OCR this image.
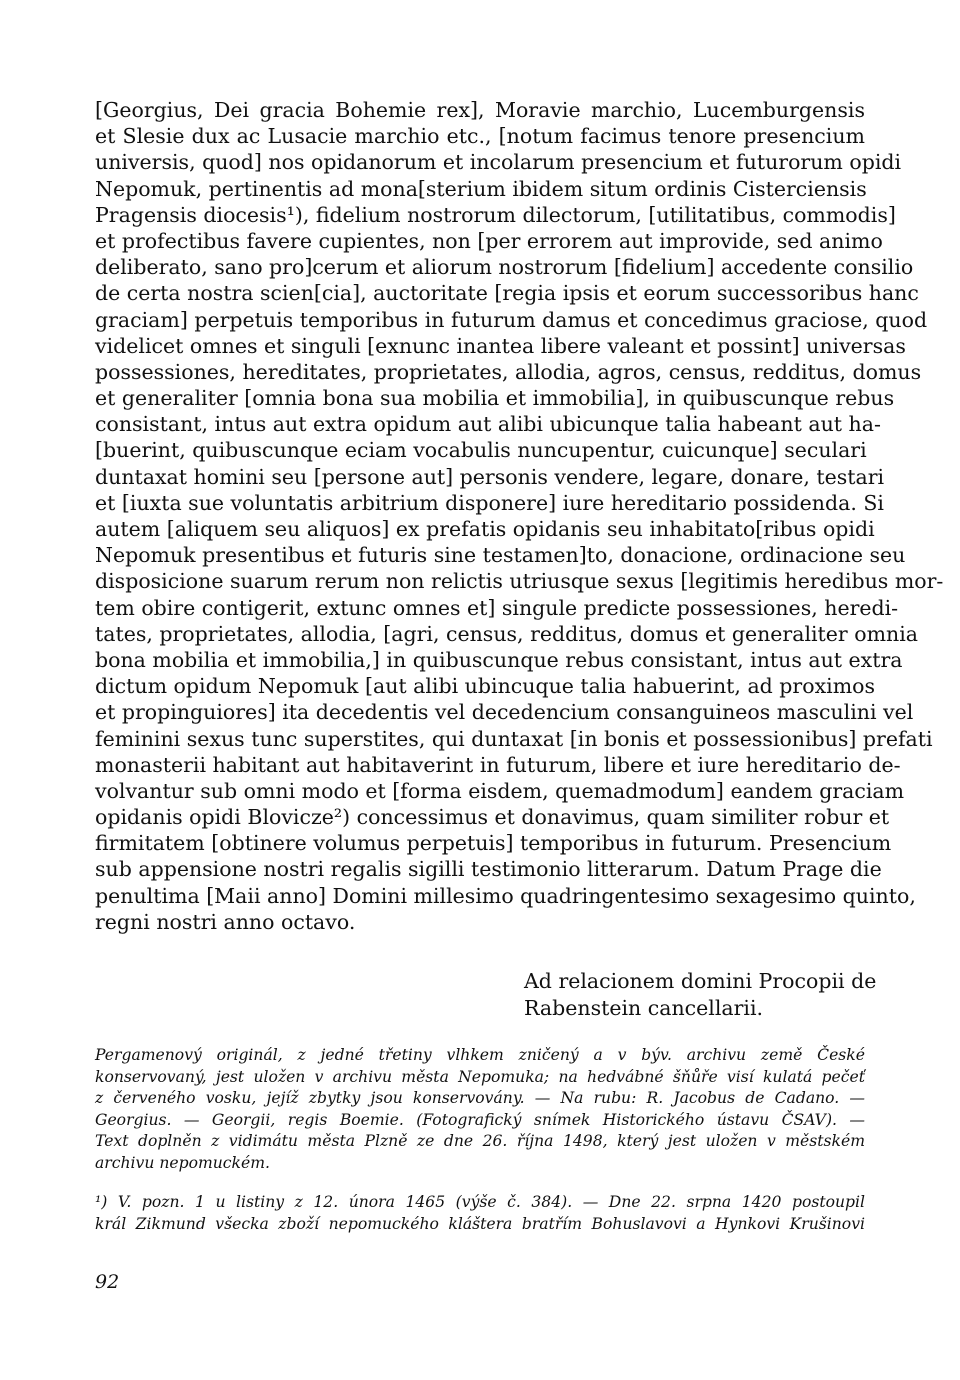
[Georgius, Dei gracia Bohemie rex], Moravie marchio, Lucemburgensis
et Slesie dux ac Lusacie marchio etc., [notum facimus tenore presencium
universis, quod] nos opidanorum et incolarum presencium et futurorum opidi
Nepomuk, pertinentis ad mona[sterium ibidem situm ordinis Cisterciensis
Pragensis diocesis¹), fidelium nostrorum dilectorum, [utilitatibus, commodis]
et profectibus favere cupientes, non [per errorem aut improvide, sed animo
deliberato, sano pro]cerum et aliorum nostrorum [fidelium] accedente consilio
de certa nostra scien[cia], auctoritate [regia ipsis et eorum successoribus hanc
graciam] perpetuis temporibus in futurum damus et concedimus graciose, quod
videlicet omnes et singuli [exnunc inantea libere valeant et possint] universas
possessiones, hereditates, proprietates, allodia, agros, census, redditus, domus
et generaliter [omnia bona sua mobilia et immobilia], in quibuscunque rebus
consistant, intus aut extra opidum aut alibi ubicunque talia habeant aut ha-
[buerint, quibuscunque eciam vocabulis nuncupentur, cuicunque] seculari
duntaxat homini seu [persone aut] personis vendere, legare, donare, testari
et [iuxta sue voluntatis arbitrium disponere] iure hereditario possidenda. Si
autem [aliquem seu aliquos] ex prefatis opidanis seu inhabitato[ribus opidi
Nepomuk presentibus et futuris sine testamen]to, donacione, ordinacione seu
disposicione suarum rerum non relictis utriusque sexus [legitimis heredibus mor-
tem obire contigerit, extunc omnes et] singule predicte possessiones, heredi-
tates, proprietates, allodia, [agri, census, redditus, domus et generaliter omnia
bona mobilia et immobilia,] in quibuscunque rebus consistant, intus aut extra
dictum opidum Nepomuk [aut alibi ubincuque talia habuerint, ad proximos
et propinguiores] ita decedentis vel decedencium consanguineos masculini vel
feminini sexus tunc superstites, qui duntaxat [in bonis et possessionibus] prefati
monasterii habitant aut habitaverint in futurum, libere et iure hereditario de-
volvantur sub omni modo et [forma eisdem, quemadmodum] eandem graciam
opidanis opidi Blovicze²) concessimus et donavimus, quam similiter robur et
firmitatem [obtinere volumus perpetuis] temporibus in futurum. Presencium
sub appensione nostri regalis sigilli testimonio litterarum. Datum Prage die
penultima [Maii anno] Domini millesimo quadringentesimo sexagesimo quinto,
regni nostri anno octavo.
Ad relacionem domini Procopii de
Rabenstein cancellarii.
Pergamenový originál, z jedné třetiny vlhkem zničený a v býv. archivu země České
konservovaný, jest uložen v archivu města Nepomuka; na hedvábné šňůře visí kulatá pečeť
z červeného vosku, jejíž zbytky jsou konservovány. — Na rubu: R. Jacobus de Cadano. —
Georgius. — Georgii, regis Boemie. (Fotografický snímek Historického ústavu ČSAV). —
Text doplněn z vidimátu města Plzně ze dne 26. října 1498, který jest uložen v městském
archivu nepomuckém.
¹) V. pozn. 1 u listiny z 12. února 1465 (výše č. 384). — Dne 22. srpna 1420 postoupil
král Zikmund všecka zboží nepomuckého kláštera bratřím Bohuslavovi a Hynkovi Krušinovi
92
